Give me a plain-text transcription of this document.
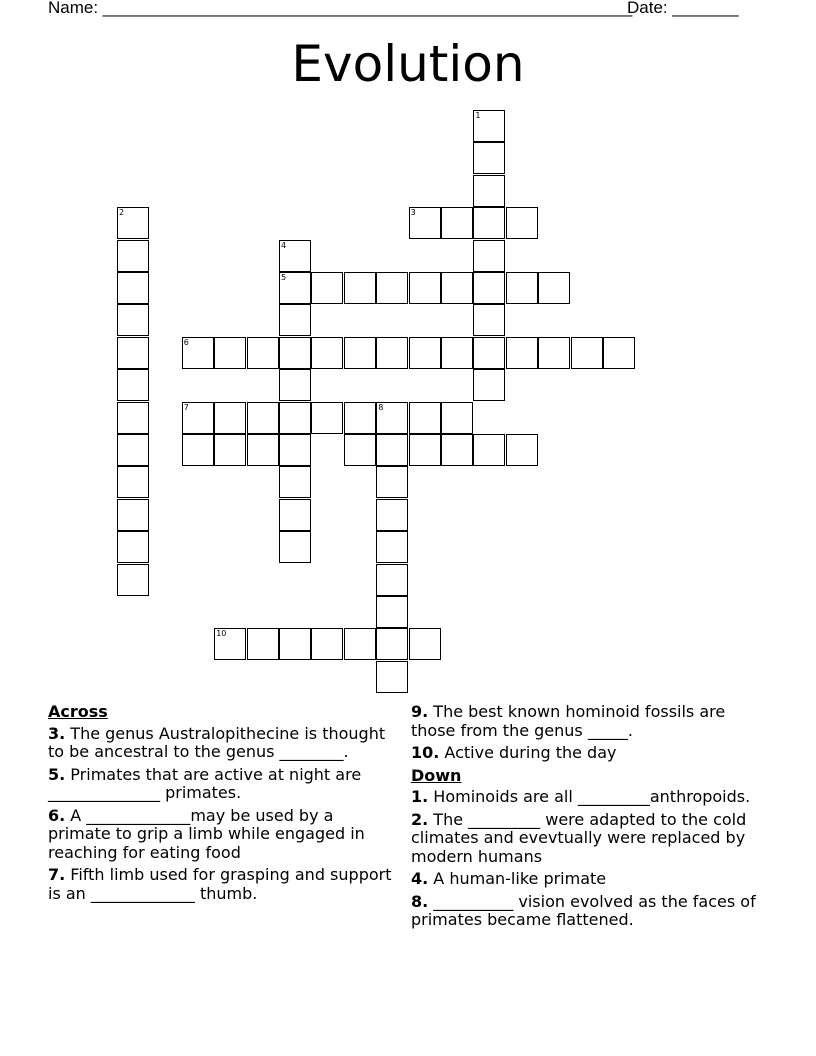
Name: ________________________________________________________
Date: _______
Evolution
1
2	3
4
5
6
7	8
10
Across
3. The genus Australopithecine is thought to be ancestral to the genus ________.
5. Primates that are active at night are ______________ primates.
6. A _____________may be used by a primate to grip a limb while engaged in reaching for eating food
7. Fifth limb used for grasping and support is an _____________ thumb.
9. The best known hominoid fossils are those from the genus _____.
10. Active during the day
Down
1. Hominoids are all _________anthropoids.
2. The _________ were adapted to the cold climates and evevtually were replaced by modern humans
4. A human-like primate
8. __________ vision evolved as the faces of primates became flattened.
